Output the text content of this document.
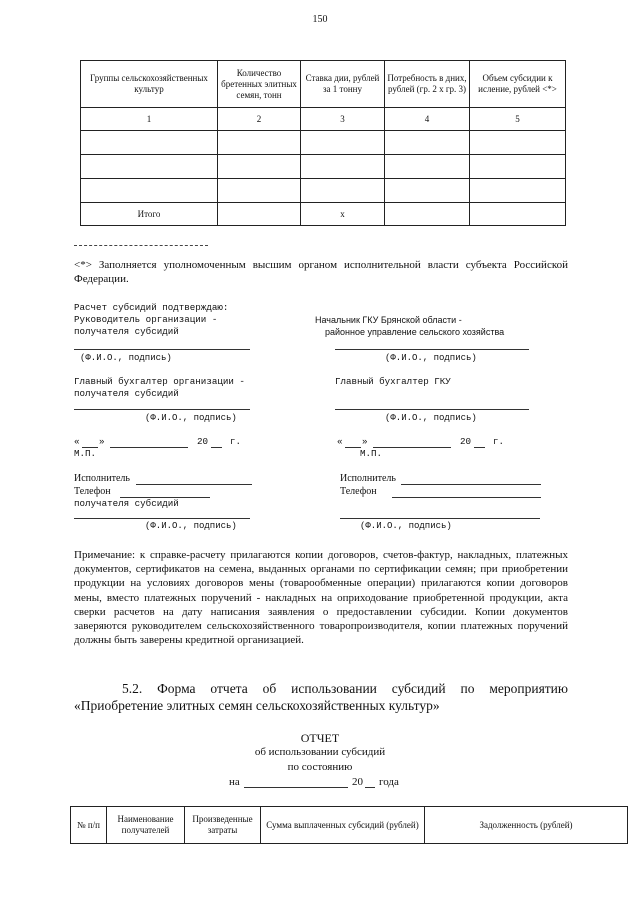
150
Группы сельскохозяйственных культур	Количество бретенных элитных семян, тонн	Ставка дии, рублей за 1 тонну	Потребность в дних, рублей (гр. 2 х гр. 3)	Объем субсидии к исление, рублей <*>
1	2	3	4	5

Итого		x		
<*> Заполняется уполномоченным высшим органом исполнительной власти субъекта Российской Федерации.
Расчет субсидий подтверждаю:
Руководитель организации -
получателя субсидий
(Ф.И.О., подпись)
Начальник ГКУ Брянской области -
районное управление сельского хозяйства
(Ф.И.О., подпись)
Главный бухгалтер организации -
получателя субсидий
(Ф.И.О., подпись)
Главный бухгалтер ГКУ
(Ф.И.О., подпись)
« »	20 г.
М.П.
« »	20 г.
М.П.
Исполнитель
Телефон
получателя субсидий
(Ф.И.О., подпись)
Исполнитель
Телефон
(Ф.И.О., подпись)
Примечание: к справке-расчету прилагаются копии договоров, счетов-фактур, накладных, платежных документов, сертификатов на семена, выданных органами по сертификации семян; при приобретении продукции на условиях договоров мены (товарообменные операции) прилагаются копии договоров мены, вместо платежных поручений - накладных на оприходование приобретенной продукции, акта сверки расчетов на дату написания заявления о предоставлении субсидии. Копии документов заверяются руководителем сельскохозяйственного товаропроизводителя, копии платежных поручений должны быть заверены кредитной организацией.
5.2. Форма отчета об использовании субсидий по мероприятию
«Приобретение элитных семян сельскохозяйственных культур»
ОТЧЕТ
об использовании субсидий
по состоянию
на	20 года
№ п/п	Наименование получателей	Произведенные затраты	Сумма выплаченных субсидий (рублей)	Задолженность (рублей)
